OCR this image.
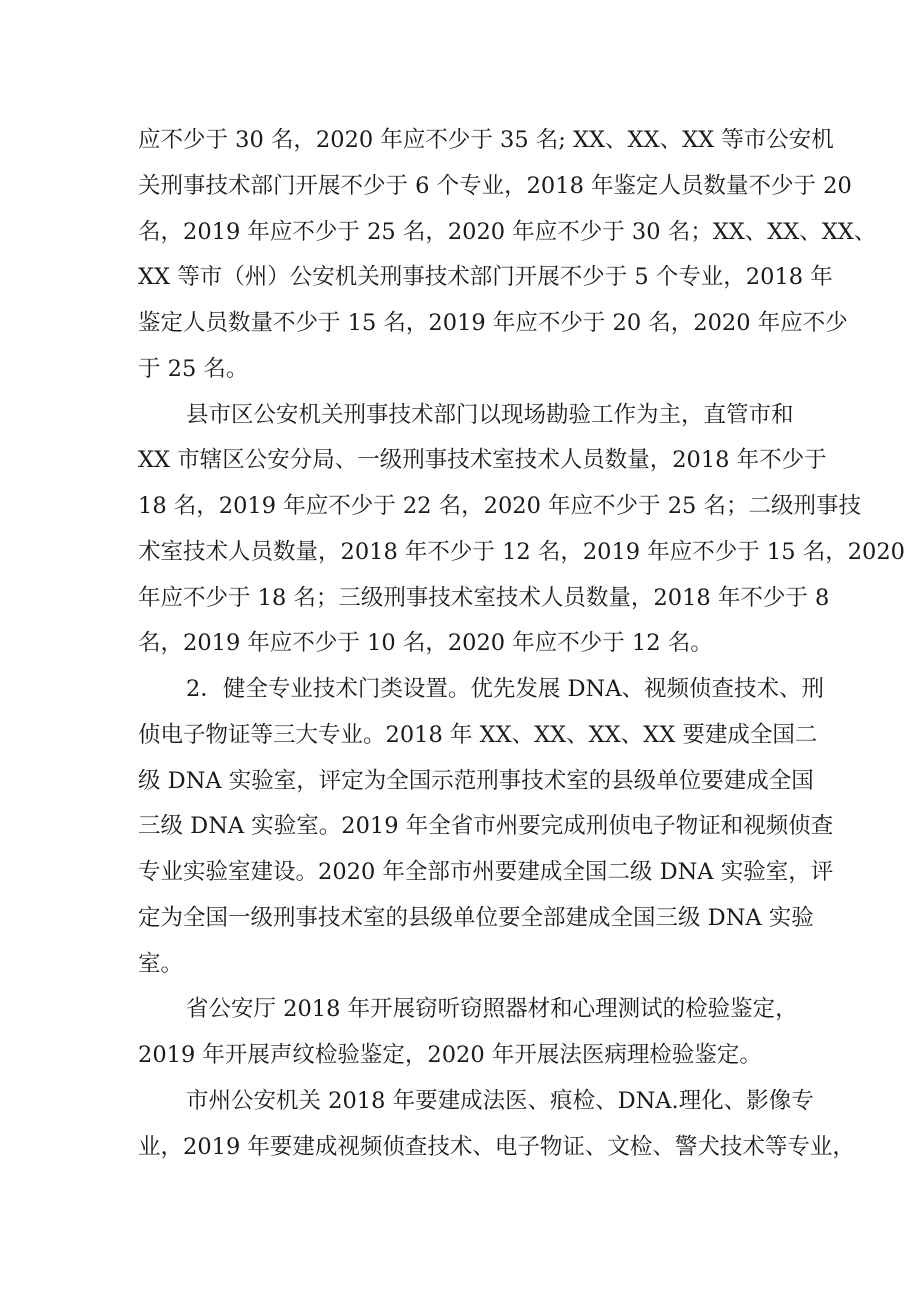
应不少于 30 名，2020 年应不少于 35 名; XX、XX、XX 等市公安机
关刑事技术部门开展不少于 6 个专业，2018 年鉴定人员数量不少于 20
名，2019 年应不少于 25 名，2020 年应不少于 30 名；XX、XX、XX、
XX 等市（州）公安机关刑事技术部门开展不少于 5 个专业，2018 年
鉴定人员数量不少于 15 名，2019 年应不少于 20 名，2020 年应不少
于 25 名。
县市区公安机关刑事技术部门以现场勘验工作为主，直管市和
XX 市辖区公安分局、一级刑事技术室技术人员数量，2018 年不少于
18 名，2019 年应不少于 22 名，2020 年应不少于 25 名；二级刑事技
术室技术人员数量，2018 年不少于 12 名，2019 年应不少于 15 名，2020
年应不少于 18 名；三级刑事技术室技术人员数量，2018 年不少于 8
名，2019 年应不少于 10 名，2020 年应不少于 12 名。
2．健全专业技术门类设置。优先发展 DNA、视频侦查技术、刑
侦电子物证等三大专业。2018 年 XX、XX、XX、XX 要建成全国二
级 DNA 实验室，评定为全国示范刑事技术室的县级单位要建成全国
三级 DNA 实验室。2019 年全省市州要完成刑侦电子物证和视频侦查
专业实验室建设。2020 年全部市州要建成全国二级 DNA 实验室，评
定为全国一级刑事技术室的县级单位要全部建成全国三级 DNA 实验
室。
省公安厅 2018 年开展窃听窃照器材和心理测试的检验鉴定，
2019 年开展声纹检验鉴定，2020 年开展法医病理检验鉴定。
市州公安机关 2018 年要建成法医、痕检、DNA.理化、影像专
业，2019 年要建成视频侦查技术、电子物证、文检、警犬技术等专业，
